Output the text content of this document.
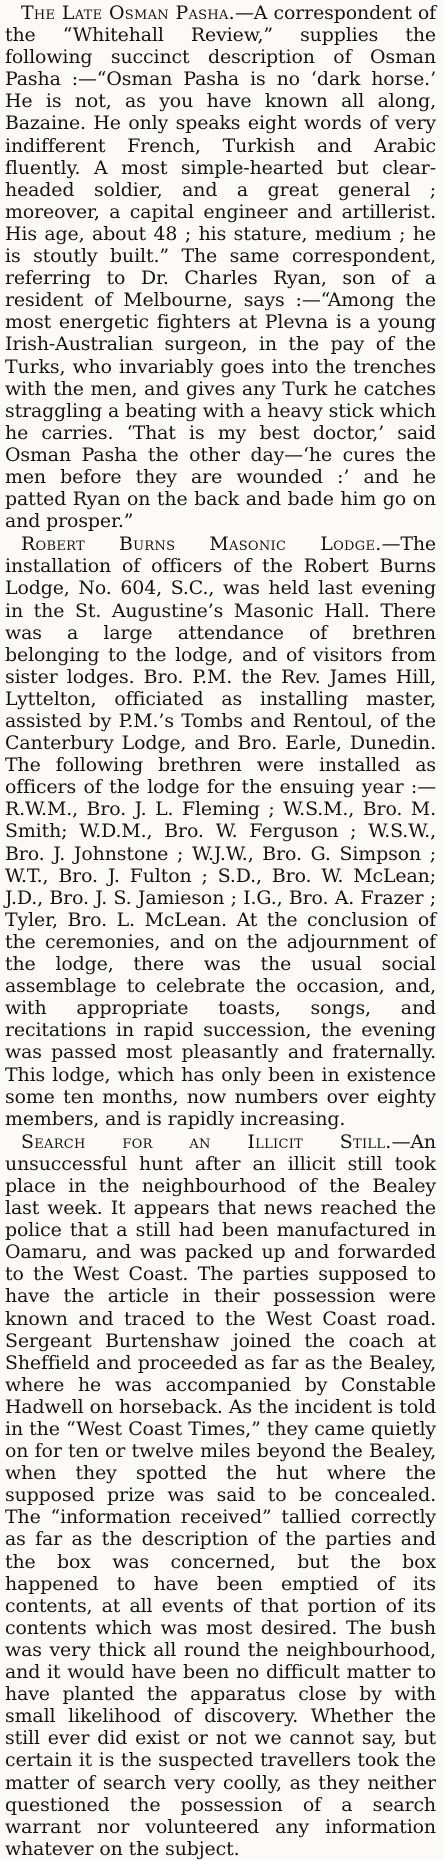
The Late Osman Pasha.—A correspondent of the “Whitehall Review,” supplies the following succinct description of Osman Pasha :—“Osman Pasha is no ‘dark horse.’ He is not, as you have known all along, Bazaine. He only speaks eight words of very indifferent French, Turkish and Arabic fluently. A most simple-hearted but clear-headed soldier, and a great general ; moreover, a capital engineer and artillerist. His age, about 48 ; his stature, medium ; he is stoutly built.” The same correspondent, referring to Dr. Charles Ryan, son of a resident of Melbourne, says :—“Among the most energetic fighters at Plevna is a young Irish-Australian surgeon, in the pay of the Turks, who invariably goes into the trenches with the men, and gives any Turk he catches straggling a beating with a heavy stick which he carries. ‘That is my best doctor,’ said Osman Pasha the other day—‘he cures the men before they are wounded :’ and he patted Ryan on the back and bade him go on and prosper.”

Robert Burns Masonic Lodge.—The installation of officers of the Robert Burns Lodge, No. 604, S.C., was held last evening in the St. Augustine’s Masonic Hall. There was a large attendance of brethren belonging to the lodge, and of visitors from sister lodges. Bro. P.M. the Rev. James Hill, Lyttelton, officiated as installing master, assisted by P.M.’s Tombs and Rentoul, of the Canterbury Lodge, and Bro. Earle, Dunedin. The following brethren were installed as officers of the lodge for the ensuing year :—R.W.M., Bro. J. L. Fleming ; W.S.M., Bro. M. Smith; W.D.M., Bro. W. Ferguson ; W.S.W., Bro. J. Johnstone ; W.J.W., Bro. G. Simpson ; W.T., Bro. J. Fulton ; S.D., Bro. W. McLean; J.D., Bro. J. S. Jamieson ; I.G., Bro. A. Frazer ; Tyler, Bro. L. McLean. At the conclusion of the ceremonies, and on the adjournment of the lodge, there was the usual social assemblage to celebrate the occasion, and, with appropriate toasts, songs, and recitations in rapid succession, the evening was passed most pleasantly and fraternally. This lodge, which has only been in existence some ten months, now numbers over eighty members, and is rapidly increasing.

Search for an Illicit Still.—An unsuccessful hunt after an illicit still took place in the neighbourhood of the Bealey last week. It appears that news reached the police that a still had been manufactured in Oamaru, and was packed up and forwarded to the West Coast. The parties supposed to have the article in their possession were known and traced to the West Coast road. Sergeant Burtenshaw joined the coach at Sheffield and proceeded as far as the Bealey, where he was accompanied by Constable Hadwell on horseback. As the incident is told in the “West Coast Times,” they came quietly on for ten or twelve miles beyond the Bealey, when they spotted the hut where the supposed prize was said to be concealed. The “information received” tallied correctly as far as the description of the parties and the box was concerned, but the box happened to have been emptied of its contents, at all events of that portion of its contents which was most desired. The bush was very thick all round the neighbourhood, and it would have been no difficult matter to have planted the apparatus close by with small likelihood of discovery. Whether the still ever did exist or not we cannot say, but certain it is the suspected travellers took the matter of search very coolly, as they neither questioned the possession of a search warrant nor volunteered any information whatever on the subject.
